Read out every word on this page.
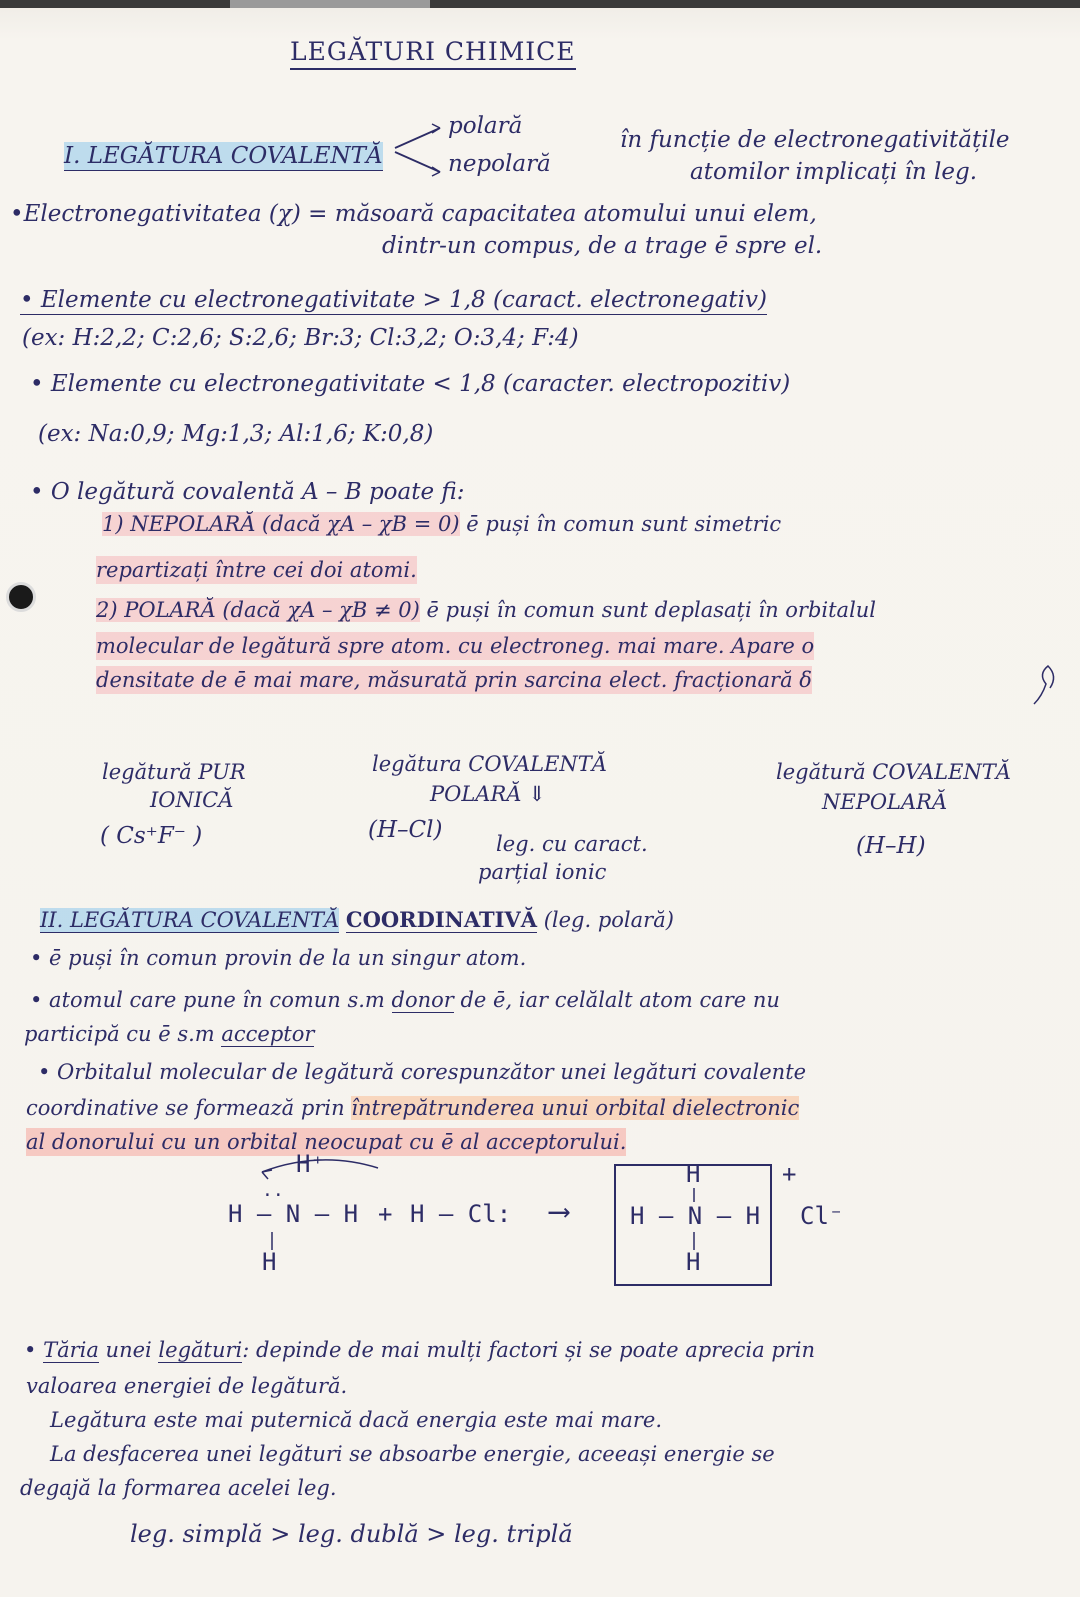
LEGĂTURI CHIMICE
I. LEGĂTURA COVALENTĂ
polară
nepolară
în funcție de electronegativitățile
atomilor implicați în leg.
•Electronegativitatea (χ) = măsoară capacitatea atomului unui elem,
dintr-un compus, de a trage ē spre el.
• Elemente cu electronegativitate > 1,8 (caract. electronegativ)
(ex: H:2,2; C:2,6; S:2,6; Br:3; Cl:3,2; O:3,4; F:4)
• Elemente cu electronegativitate < 1,8 (caracter. electropozitiv)
(ex: Na:0,9; Mg:1,3; Al:1,6; K:0,8)
• O legătură covalentă A – B poate fi:
1) NEPOLARĂ (dacă χA – χB = 0) ē puși în comun sunt simetric
repartizați între cei doi atomi.
2) POLARĂ (dacă χA – χB ≠ 0) ē puși în comun sunt deplasați în orbitalul
molecular de legătură spre atom. cu electroneg. mai mare. Apare o
densitate de ē mai mare, măsurată prin sarcina elect. fracționară δ
legătură PUR
IONICĂ
( Cs⁺F⁻ )
legătura COVALENTĂ
POLARĂ ⇓
(H–Cl)
leg. cu caract.
parțial ionic
legătură COVALENTĂ
NEPOLARĂ
(H–H)
II. LEGĂTURA COVALENTĂ COORDINATIVĂ (leg. polară)
• ē puși în comun provin de la un singur atom.
• atomul care pune în comun s.m donor de ē, iar celălalt atom care nu
participă cu ē s.m acceptor
• Orbitalul molecular de legătură corespunzător unei legături covalente
coordinative se formează prin întrepătrunderea unui orbital dielectronic
al donorului cu un orbital neocupat cu ē al acceptorului.
H⁺
··
H – N – H
H
+ H – Cl: ⟶
H
H – N – H
H
+
Cl⁻
• Tăria unei legături: depinde de mai mulți factori și se poate aprecia prin
valoarea energiei de legătură.
Legătura este mai puternică dacă energia este mai mare.
La desfacerea unei legături se absoarbe energie, aceeași energie se
degajă la formarea acelei leg.
leg. simplă > leg. dublă > leg. triplă
